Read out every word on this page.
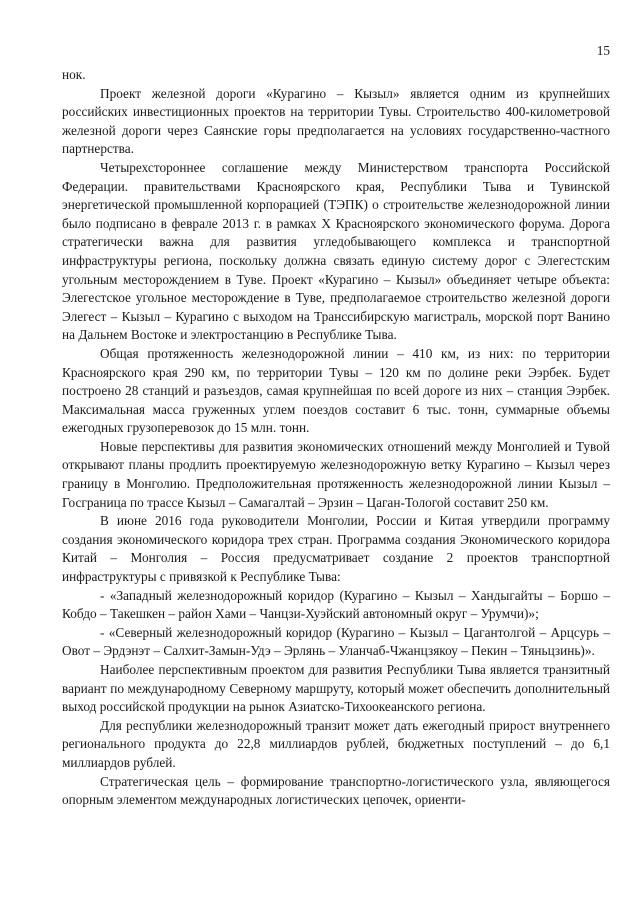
15

нок.

Проект железной дороги «Курагино – Кызыл» является одним из крупнейших российских инвестиционных проектов на территории Тувы. Строительство 400-километровой железной дороги через Саянские горы предполагается на условиях государственно-частного партнерства.

Четырехстороннее соглашение между Министерством транспорта Российской Федерации. правительствами Красноярского края, Республики Тыва и Тувинской энергетической промышленной корпорацией (ТЭПК) о строительстве железнодорожной линии было подписано в феврале 2013 г. в рамках X Красноярского экономического форума. Дорога стратегически важна для развития угледобывающего комплекса и транспортной инфраструктуры региона, поскольку должна связать единую систему дорог с Элегестским угольным месторождением в Туве. Проект «Курагино – Кызыл» объединяет четыре объекта: Элегестское угольное месторождение в Туве, предполагаемое строительство железной дороги Элегест – Кызыл – Курагино с выходом на Транссибирскую магистраль, морской порт Ванино на Дальнем Востоке и электростанцию в Республике Тыва.

Общая протяженность железнодорожной линии – 410 км, из них: по территории Красноярского края 290 км, по территории Тувы – 120 км по долине реки Ээрбек. Будет построено 28 станций и разъездов, самая крупнейшая по всей дороге из них – станция Ээрбек. Максимальная масса груженных углем поездов составит 6 тыс. тонн, суммарные объемы ежегодных грузоперевозок до 15 млн. тонн.

Новые перспективы для развития экономических отношений между Монголией и Тувой открывают планы продлить проектируемую железнодорожную ветку Курагино – Кызыл через границу в Монголию. Предположительная протяженность железнодорожной линии Кызыл – Госграница по трассе Кызыл – Самагалтай – Эрзин – Цаган-Тологой составит 250 км.

В июне 2016 года руководители Монголии, России и Китая утвердили программу создания экономического коридора трех стран. Программа создания Экономического коридора Китай – Монголия – Россия предусматривает создание 2 проектов транспортной инфраструктуры с привязкой к Республике Тыва:

- «Западный железнодорожный коридор (Курагино – Кызыл – Хандыгайты – Боршо – Кобдо – Такешкен – район Хами – Чанцзи-Хуэйский автономный округ – Урумчи)»;

- «Северный железнодорожный коридор (Курагино – Кызыл – Цагантолгой – Арцсурь – Овот – Эрдэнэт – Салхит-Замын-Удэ – Эрлянь – Уланчаб-Чжанцзякоу – Пекин – Тяньцзинь)».

Наиболее перспективным проектом для развития Республики Тыва является транзитный вариант по международному Северному маршруту, который может обеспечить дополнительный выход российской продукции на рынок Азиатско-Тихоокеанского региона.

Для республики железнодорожный транзит может дать ежегодный прирост внутреннего регионального продукта до 22,8 миллиардов рублей, бюджетных поступлений – до 6,1 миллиардов рублей.

Стратегическая цель – формирование транспортно-логистического узла, являющегося опорным элементом международных логистических цепочек, ориенти-
